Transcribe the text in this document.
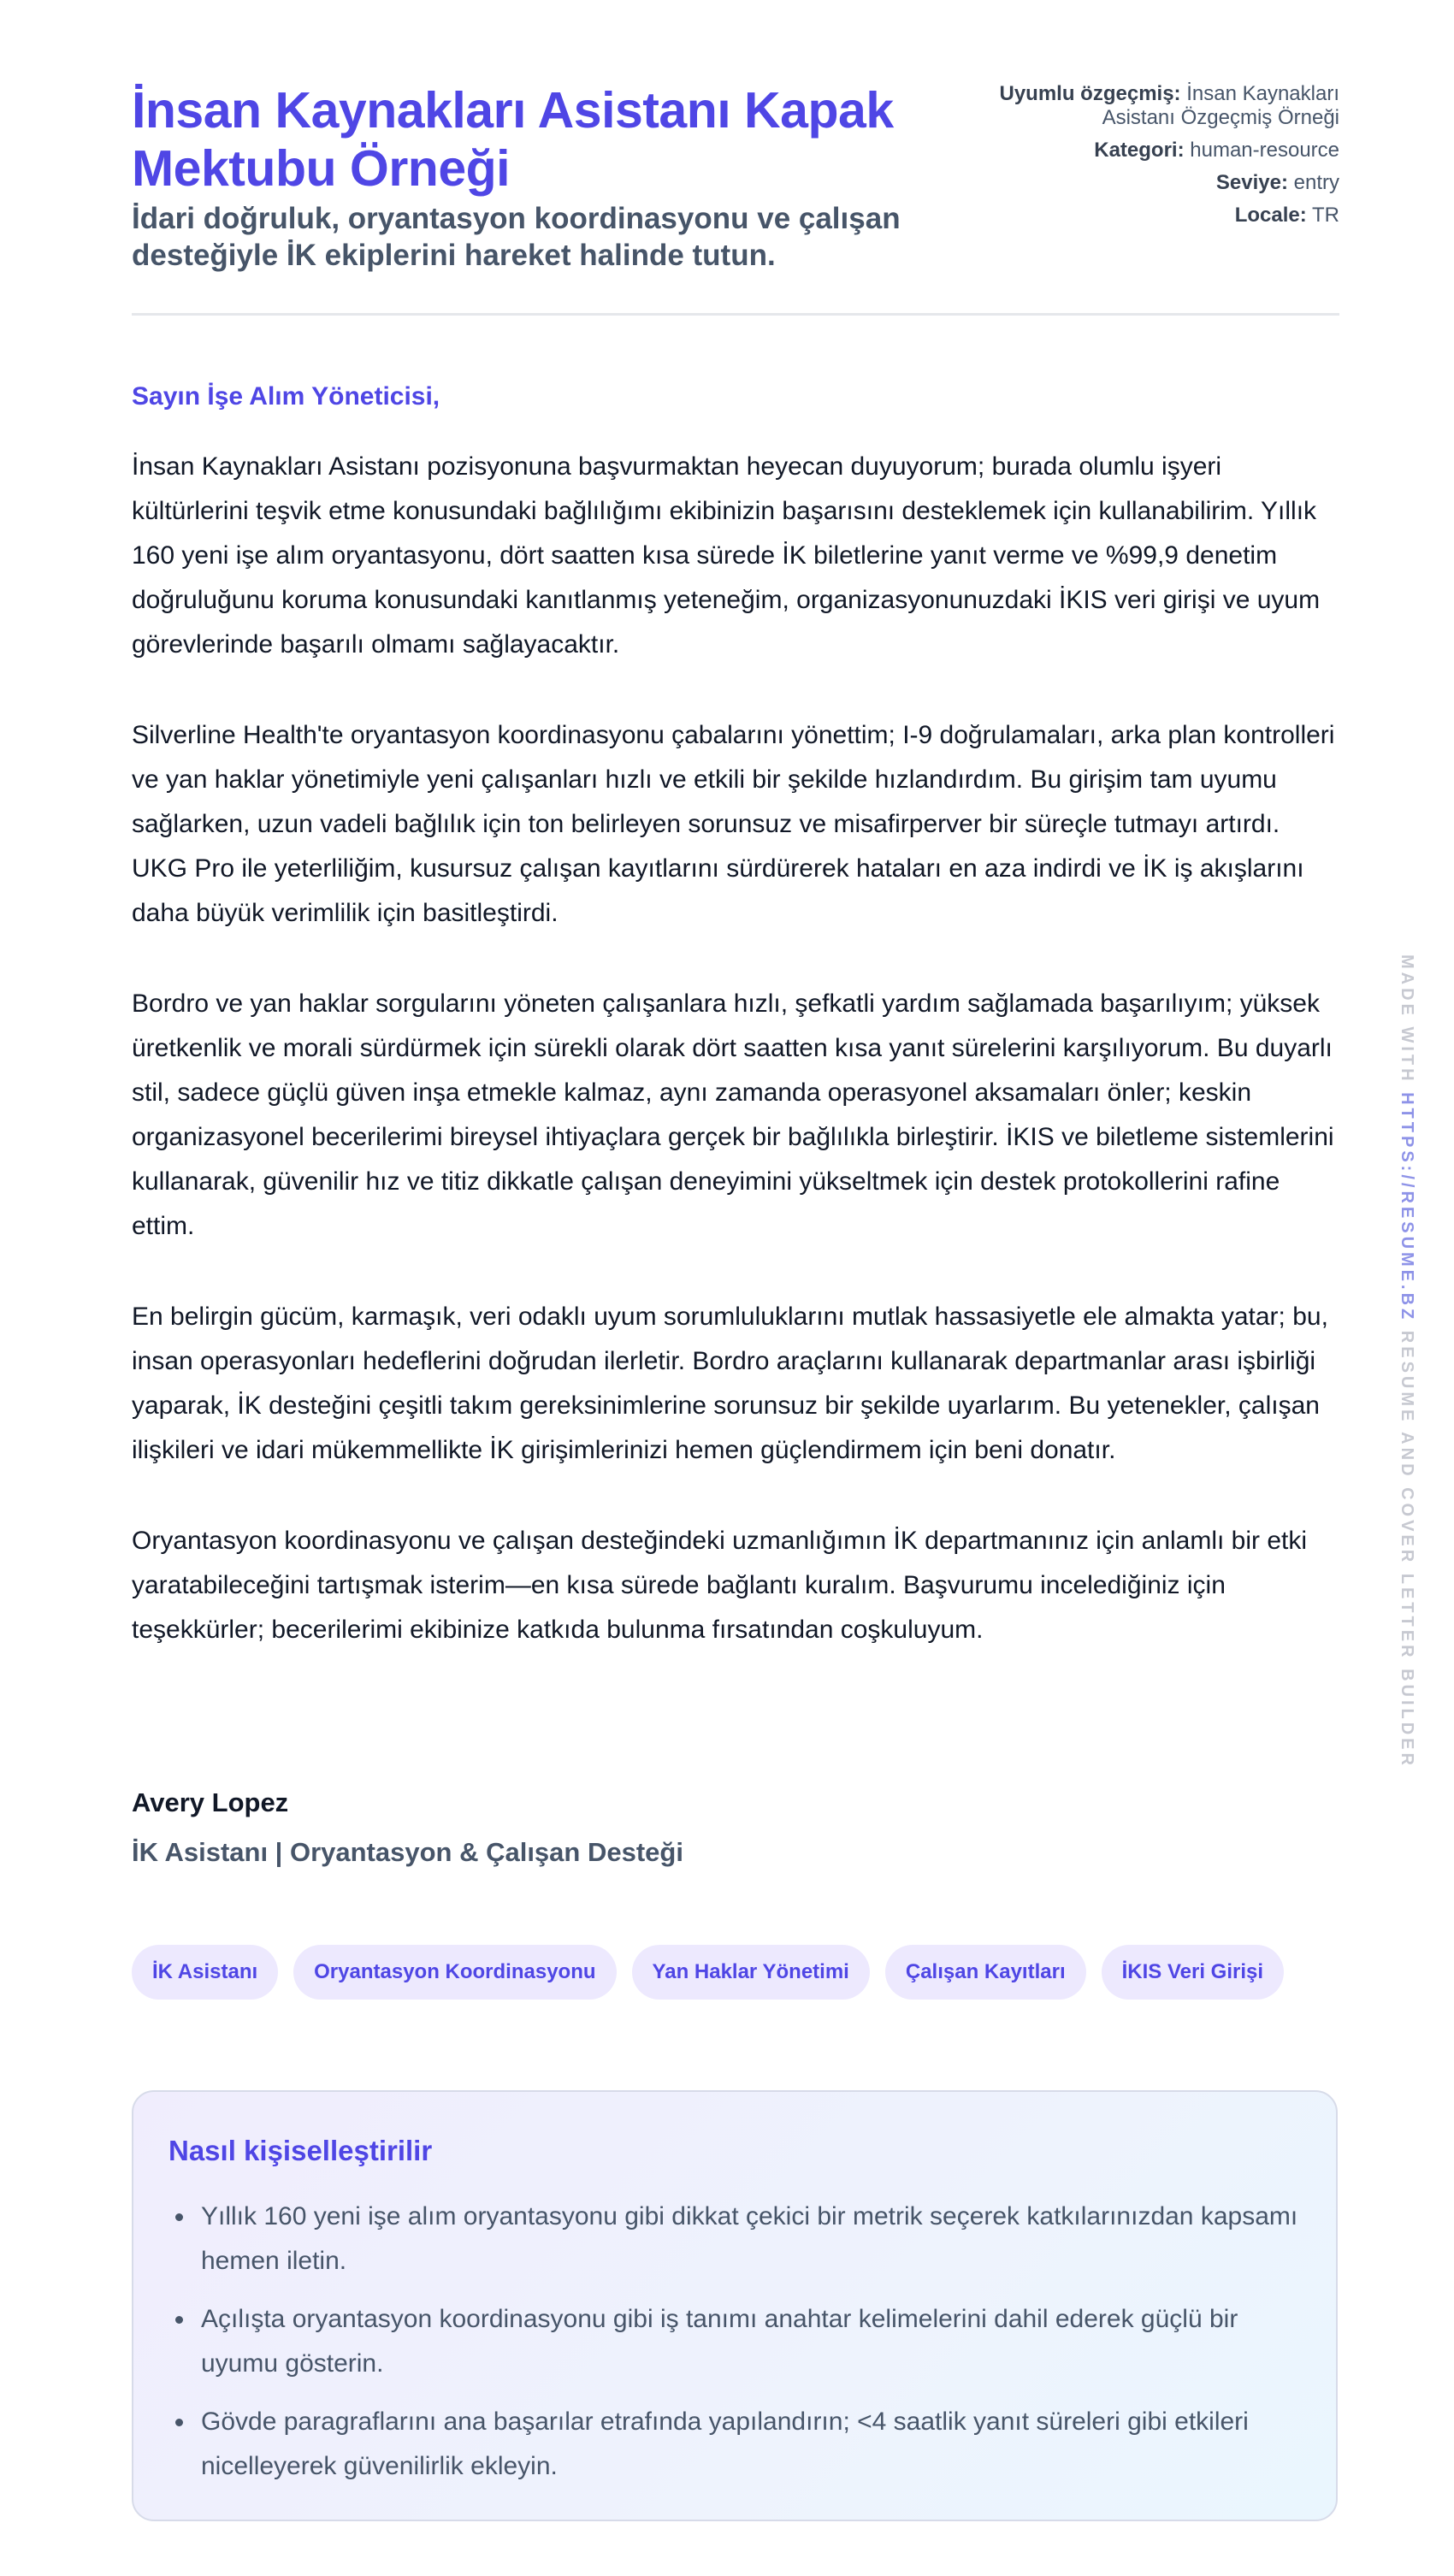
İnsan Kaynakları Asistanı Kapak Mektubu Örneği
İdari doğruluk, oryantasyon koordinasyonu ve çalışan desteğiyle İK ekiplerini hareket halinde tutun.
Uyumlu özgeçmiş: İnsan Kaynakları Asistanı Özgeçmiş Örneği
Kategori: human-resource
Seviye: entry
Locale: TR

Sayın İşe Alım Yöneticisi,

İnsan Kaynakları Asistanı pozisyonuna başvurmaktan heyecan duyuyorum; burada olumlu işyeri kültürlerini teşvik etme konusundaki bağlılığımı ekibinizin başarısını desteklemek için kullanabilirim. Yıllık 160 yeni işe alım oryantasyonu, dört saatten kısa sürede İK biletlerine yanıt verme ve %99,9 denetim doğruluğunu koruma konusundaki kanıtlanmış yeteneğim, organizasyonunuzdaki İKIS veri girişi ve uyum görevlerinde başarılı olmamı sağlayacaktır.

Silverline Health'te oryantasyon koordinasyonu çabalarını yönettim; I-9 doğrulamaları, arka plan kontrolleri ve yan haklar yönetimiyle yeni çalışanları hızlı ve etkili bir şekilde hızlandırdım. Bu girişim tam uyumu sağlarken, uzun vadeli bağlılık için ton belirleyen sorunsuz ve misafirperver bir süreçle tutmayı artırdı. UKG Pro ile yeterliliğim, kusursuz çalışan kayıtlarını sürdürerek hataları en aza indirdi ve İK iş akışlarını daha büyük verimlilik için basitleştirdi.

Bordro ve yan haklar sorgularını yöneten çalışanlara hızlı, şefkatli yardım sağlamada başarılıyım; yüksek üretkenlik ve morali sürdürmek için sürekli olarak dört saatten kısa yanıt sürelerini karşılıyorum. Bu duyarlı stil, sadece güçlü güven inşa etmekle kalmaz, aynı zamanda operasyonel aksamaları önler; keskin organizasyonel becerilerimi bireysel ihtiyaçlara gerçek bir bağlılıkla birleştirir. İKIS ve biletleme sistemlerini kullanarak, güvenilir hız ve titiz dikkatle çalışan deneyimini yükseltmek için destek protokollerini rafine ettim.

En belirgin gücüm, karmaşık, veri odaklı uyum sorumluluklarını mutlak hassasiyetle ele almakta yatar; bu, insan operasyonları hedeflerini doğrudan ilerletir. Bordro araçlarını kullanarak departmanlar arası işbirliği yaparak, İK desteğini çeşitli takım gereksinimlerine sorunsuz bir şekilde uyarlarım. Bu yetenekler, çalışan ilişkileri ve idari mükemmellikte İK girişimlerinizi hemen güçlendirmem için beni donatır.

Oryantasyon koordinasyonu ve çalışan desteğindeki uzmanlığımın İK departmanınız için anlamlı bir etki yaratabileceğini tartışmak isterim—en kısa sürede bağlantı kuralım. Başvurumu incelediğiniz için teşekkürler; becerilerimi ekibinize katkıda bulunma fırsatından coşkuluyum.

Avery Lopez
İK Asistanı | Oryantasyon & Çalışan Desteği
İK Asistanı	Oryantasyon Koordinasyonu	Yan Haklar Yönetimi	Çalışan Kayıtları	İKIS Veri Girişi
Nasıl kişiselleştirilir
Yıllık 160 yeni işe alım oryantasyonu gibi dikkat çekici bir metrik seçerek katkılarınızdan kapsamı hemen iletin.
Açılışta oryantasyon koordinasyonu gibi iş tanımı anahtar kelimelerini dahil ederek güçlü bir uyumu gösterin.
Gövde paragraflarını ana başarılar etrafında yapılandırın; <4 saatlik yanıt süreleri gibi etkileri nicelleyerek güvenilirlik ekleyin.
MADE WITH HTTPS://RESUME.BZ RESUME AND COVER LETTER BUILDER
